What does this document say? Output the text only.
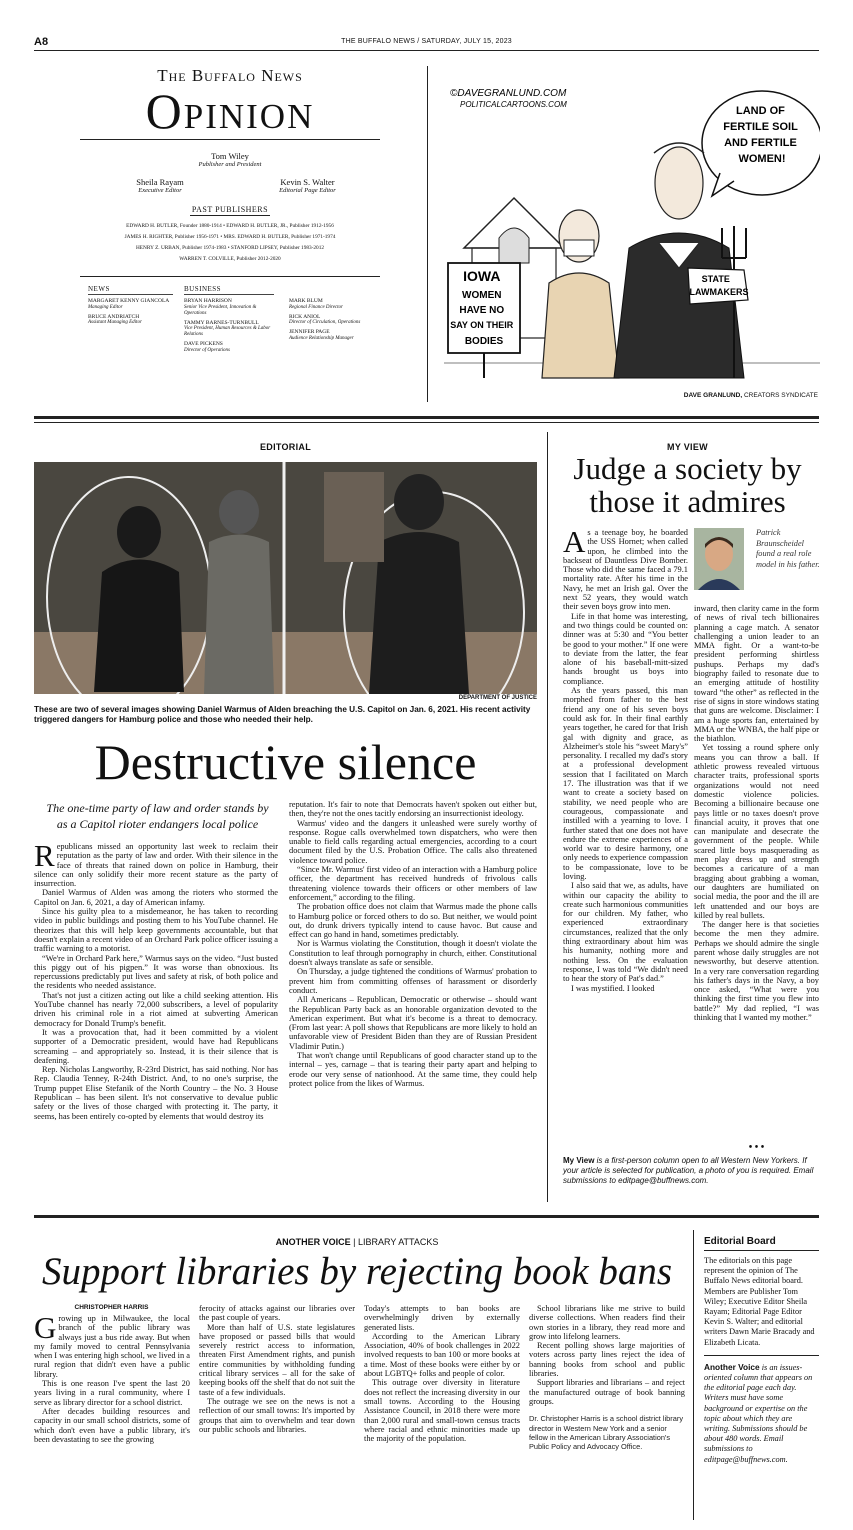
A8	THE BUFFALO NEWS / SATURDAY, JULY 15, 2023
The Buffalo News
Opinion
Tom Wiley
Publisher and President
Sheila Rayam
Executive Editor
Kevin S. Walter
Editorial Page Editor
PAST PUBLISHERS
EDWARD H. BUTLER, Founder 1880-1914 • EDWARD H. BUTLER, JR., Publisher 1912-1956
JAMES H. RIGHTER, Publisher 1956-1971 • MRS. EDWARD H. BUTLER, Publisher 1971-1974
HENRY Z. URBAN, Publisher 1974-1983 • STANFORD LIPSEY, Publisher 1983-2012
WARREN T. COLVILLE, Publisher 2012-2020
NEWS
MARGARET KENNY GIANCOLA
Managing Editor
BRUCE ANDRIATCH
Assistant Managing Editor
BUSINESS
BRYAN HARRISON
Senior Vice President, Innovation & Operations
TAMMY BARNES-TURNBULL
Vice President, Human Resources & Labor Relations
DAVE PICKENS
Director of Operations
MARK BLUM
Regional Finance Director
RICK ANIOL
Director of Circulation, Operations
JENNIFER PAGE
Audience Relationship Manager
©DAVEGRANLUND.COM
POLITICALCARTOONS.COM
LAND OF FERTILE SOIL AND FERTILE WOMEN!
STATE LAWMAKERS
IOWA WOMEN HAVE NO SAY ON THEIR BODIES
DAVE GRANLUND, CREATORS SYNDICATE
EDITORIAL
DEPARTMENT OF JUSTICE
These are two of several images showing Daniel Warmus of Alden breaching the U.S. Capitol on Jan. 6, 2021. His recent activity triggered dangers for Hamburg police and those who needed their help.
Destructive silence
The one-time party of law and order stands by as a Capitol rioter endangers local police

Republicans missed an opportunity last week to reclaim their reputation as the party of law and order. With their silence in the face of threats that rained down on police in Hamburg, their silence can only solidify their more recent stature as the party of insurrection.

Daniel Warmus of Alden was among the rioters who stormed the Capitol on Jan. 6, 2021, a day of American infamy.

Since his guilty plea to a misdemeanor, he has taken to recording video in public buildings and posting them to his YouTube channel. He theorizes that this will help keep governments accountable, but that doesn't explain a recent video of an Orchard Park police officer issuing a traffic warning to a motorist.

“We're in Orchard Park here,” Warmus says on the video. “Just busted this piggy out of his pigpen.” It was worse than obnoxious. Its repercussions predictably put lives and safety at risk, of both police and the residents who needed assistance.

That's not just a citizen acting out like a child seeking attention. His YouTube channel has nearly 72,000 subscribers, a level of popularity driven his criminal role in a riot aimed at subverting American democracy for Donald Trump's benefit.

It was a provocation that, had it been committed by a violent supporter of a Democratic president, would have had Republicans screaming – and appropriately so. Instead, it is their silence that is deafening.

Rep. Nicholas Langworthy, R-23rd District, has said nothing. Nor has Rep. Claudia Tenney, R-24th District. And, to no one's surprise, the Trump puppet Elise Stefanik of the North Country – the No. 3 House Republican – has been silent. It's not conservative to devalue public safety or the lives of those charged with protecting it. The party, it seems, has been entirely co-opted by elements that would destroy its

reputation. It's fair to note that Democrats haven't spoken out either but, then, they're not the ones tacitly endorsing an insurrectionist ideology.

Warmus' video and the dangers it unleashed were surely worthy of response. Rogue calls overwhelmed town dispatchers, who were then unable to field calls regarding actual emergencies, according to a court document filed by the U.S. Probation Office. The calls also threatened violence toward police.

“Since Mr. Warmus' first video of an interaction with a Hamburg police officer, the department has received hundreds of frivolous calls threatening violence towards their officers or other members of law enforcement,” according to the filing.

The probation office does not claim that Warmus made the phone calls to Hamburg police or forced others to do so. But neither, we would point out, do drunk drivers typically intend to cause havoc. But cause and effect can go hand in hand, sometimes predictably.

Nor is Warmus violating the Constitution, though it doesn't violate the Constitution to leaf through pornography in church, either. Constitutional doesn't always translate as safe or sensible.

On Thursday, a judge tightened the conditions of Warmus' probation to prevent him from committing offenses of harassment or disorderly conduct.

All Americans – Republican, Democratic or otherwise – should want the Republican Party back as an honorable organization devoted to the American experiment. But what it's become is a threat to democracy. (From last year: A poll shows that Republicans are more likely to hold an unfavorable view of President Biden than they are of Russian President Vladimir Putin.)

That won't change until Republicans of good character stand up to the internal – yes, carnage – that is tearing their party apart and helping to erode our very sense of nationhood. At the same time, they could help protect police from the likes of Warmus.

MY VIEW
Judge a society by those it admires
Patrick Braunscheidel found a real role model in his father.

As a teenage boy, he boarded the USS Hornet; when called upon, he climbed into the backseat of Dauntless Dive Bomber. Those who did the same faced a 79.1 mortality rate. After his time in the Navy, he met an Irish gal. Over the next 52 years, they would watch their seven boys grow into men.

Life in that home was interesting, and two things could be counted on: dinner was at 5:30 and “You better be good to your mother.” If one were to deviate from the latter, the fear alone of his baseball-mitt-sized hands brought us boys into compliance.

As the years passed, this man morphed from father to the best friend any one of his seven boys could ask for. In their final earthly years together, he cared for that Irish gal with dignity and grace, as Alzheimer's stole his “sweet Mary's” personality. I recalled my dad's story at a professional development session that I facilitated on March 17. The illustration was that if we want to create a society based on stability, we need people who are courageous, compassionate and instilled with a yearning to love. I further stated that one does not have endure the extreme experiences of a world war to desire harmony, one only needs to experience compassion to be compassionate, love to be loving.

I also said that we, as adults, have within our capacity the ability to create such harmonious communities for our children. My father, who experienced extraordinary circumstances, realized that the only thing extraordinary about him was his humanity, nothing more and nothing less. On the evaluation response, I was told “We didn't need to hear the story of Pat's dad.”

I was mystified. I looked

inward, then clarity came in the form of news of rival tech billionaires planning a cage match. A senator challenging a union leader to an MMA fight. Or a want-to-be president performing shirtless pushups. Perhaps my dad's biography failed to resonate due to an emerging attitude of hostility toward “the other” as reflected in the rise of signs in store windows stating that guns are welcome. Disclaimer: I am a huge sports fan, entertained by MMA or the WNBA, the half pipe or the biathlon.

Yet tossing a round sphere only means you can throw a ball. If athletic prowess revealed virtuous character traits, professional sports organizations would not need domestic violence policies. Becoming a billionaire because one pays little or no taxes doesn't prove financial acuity, it proves that one can manipulate and desecrate the government of the people. While scared little boys masquerading as men play dress up and strength becomes a caricature of a man bragging about grabbing a woman, our daughters are humiliated on social media, the poor and the ill are left unattended and our boys are killed by real bullets.

The danger here is that societies become the men they admire. Perhaps we should admire the single parent whose daily struggles are not newsworthy, but deserve attention. In a very rare conversation regarding his father's days in the Navy, a boy once asked, “What were you thinking the first time you flew into battle?” My dad replied, “I was thinking that I wanted my mother.”

• • •
My View is a first-person column open to all Western New Yorkers. If your article is selected for publication, a photo of you is required. Email submissions to editpage@buffnews.com.
ANOTHER VOICE | LIBRARY ATTACKS
Support libraries by rejecting book bans
CHRISTOPHER HARRIS

Growing up in Milwaukee, the local branch of the public library was always just a bus ride away. But when my family moved to central Pennsylvania when I was entering high school, we lived in a rural region that didn't even have a public library.

This is one reason I've spent the last 20 years living in a rural community, where I serve as library director for a school district.

After decades building resources and capacity in our small school districts, some of which don't even have a public library, it's been devastating to see the growing

ferocity of attacks against our libraries over the past couple of years.

More than half of U.S. state legislatures have proposed or passed bills that would severely restrict access to information, threaten First Amendment rights, and punish entire communities by withholding funding critical library services – all for the sake of keeping books off the shelf that do not suit the taste of a few individuals.

The outrage we see on the news is not a reflection of our small towns: It's imported by groups that aim to overwhelm and tear down our public schools and libraries.

Today's attempts to ban books are overwhelmingly driven by externally generated lists.

According to the American Library Association, 40% of book challenges in 2022 involved requests to ban 100 or more books at a time. Most of these books were either by or about LGBTQ+ folks and people of color.

This outrage over diversity in literature does not reflect the increasing diversity in our small towns. According to the Housing Assistance Council, in 2018 there were more than 2,000 rural and small-town census tracts where racial and ethnic minorities made up the majority of the population.

School librarians like me strive to build diverse collections. When readers find their own stories in a library, they read more and grow into lifelong learners.

Recent polling shows large majorities of voters across party lines reject the idea of banning books from school and public libraries.

Support libraries and librarians – and reject the manufactured outrage of book banning groups.

Dr. Christopher Harris is a school district library director in Western New York and a senior fellow in the American Library Association's Public Policy and Advocacy Office.

Editorial Board
The editorials on this page represent the opinion of The Buffalo News editorial board. Members are Publisher Tom Wiley; Executive Editor Sheila Rayam; Editorial Page Editor Kevin S. Walter; and editorial writers Dawn Marie Bracady and Elizabeth Licata.
Another Voice is an issues-oriented column that appears on the editorial page each day. Writers must have some background or expertise on the topic about which they are writing. Submissions should be about 480 words. Email submissions to editpage@buffnews.com.
